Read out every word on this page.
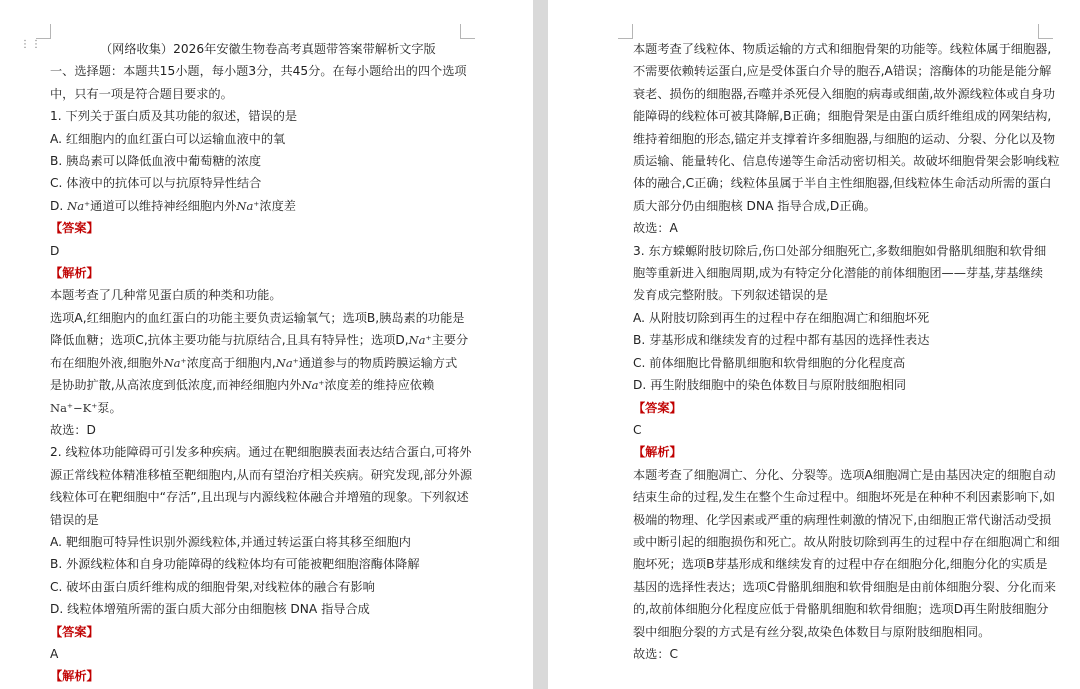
⋮⋮	（网络收集）2026年安徽生物卷高考真题带答案带解析文字版
一、选择题：本题共15小题，每小题3分，共45分。在每小题给出的四个选项
中，只有一项是符合题目要求的。
1. 下列关于蛋白质及其功能的叙述，错误的是
A. 红细胞内的血红蛋白可以运输血液中的氧
B. 胰岛素可以降低血液中葡萄糖的浓度
C. 体液中的抗体可以与抗原特异性结合
D. Na⁺通道可以维持神经细胞内外Na⁺浓度差
【答案】
D
【解析】
本题考查了几种常见蛋白质的种类和功能。
选项A,红细胞内的血红蛋白的功能主要负责运输氧气；选项B,胰岛素的功能是
降低血糖；选项C,抗体主要功能与抗原结合,且具有特异性；选项D,Na⁺主要分
布在细胞外液,细胞外Na⁺浓度高于细胞内,Na⁺通道参与的物质跨膜运输方式
是协助扩散,从高浓度到低浓度,而神经细胞内外Na⁺浓度差的维持应依赖
Na⁺−K⁺泵。
故选：D
2. 线粒体功能障碍可引发多种疾病。通过在靶细胞膜表面表达结合蛋白,可将外
源正常线粒体精准移植至靶细胞内,从而有望治疗相关疾病。研究发现,部分外源
线粒体可在靶细胞中“存活”,且出现与内源线粒体融合并增殖的现象。下列叙述
错误的是
A. 靶细胞可特异性识别外源线粒体,并通过转运蛋白将其移至细胞内
B. 外源线粒体和自身功能障碍的线粒体均有可能被靶细胞溶酶体降解
C. 破坏由蛋白质纤维构成的细胞骨架,对线粒体的融合有影响
D. 线粒体增殖所需的蛋白质大部分由细胞核 DNA 指导合成
【答案】
A
【解析】
本题考查了线粒体、物质运输的方式和细胞骨架的功能等。线粒体属于细胞器,
不需要依赖转运蛋白,应是受体蛋白介导的胞吞,A错误；溶酶体的功能是能分解
衰老、损伤的细胞器,吞噬并杀死侵入细胞的病毒或细菌,故外源线粒体或自身功
能障碍的线粒体可被其降解,B正确；细胞骨架是由蛋白质纤维组成的网架结构,
维持着细胞的形态,锚定并支撑着许多细胞器,与细胞的运动、分裂、分化以及物
质运输、能量转化、信息传递等生命活动密切相关。故破坏细胞骨架会影响线粒
体的融合,C正确；线粒体虽属于半自主性细胞器,但线粒体生命活动所需的蛋白
质大部分仍由细胞核 DNA 指导合成,D正确。
故选：A
3. 东方蝾螈附肢切除后,伤口处部分细胞死亡,多数细胞如骨骼肌细胞和软骨细
胞等重新进入细胞周期,成为有特定分化潜能的前体细胞团——芽基,芽基继续
发育成完整附肢。下列叙述错误的是
A. 从附肢切除到再生的过程中存在细胞凋亡和细胞坏死
B. 芽基形成和继续发育的过程中都有基因的选择性表达
C. 前体细胞比骨骼肌细胞和软骨细胞的分化程度高
D. 再生附肢细胞中的染色体数目与原附肢细胞相同
【答案】
C
【解析】
本题考查了细胞凋亡、分化、分裂等。选项A细胞凋亡是由基因决定的细胞自动
结束生命的过程,发生在整个生命过程中。细胞坏死是在种种不利因素影响下,如
极端的物理、化学因素或严重的病理性刺激的情况下,由细胞正常代谢活动受损
或中断引起的细胞损伤和死亡。故从附肢切除到再生的过程中存在细胞凋亡和细
胞坏死；选项B芽基形成和继续发育的过程中存在细胞分化,细胞分化的实质是
基因的选择性表达；选项C骨骼肌细胞和软骨细胞是由前体细胞分裂、分化而来
的,故前体细胞分化程度应低于骨骼肌细胞和软骨细胞；选项D再生附肢细胞分
裂中细胞分裂的方式是有丝分裂,故染色体数目与原附肢细胞相同。
故选：C
